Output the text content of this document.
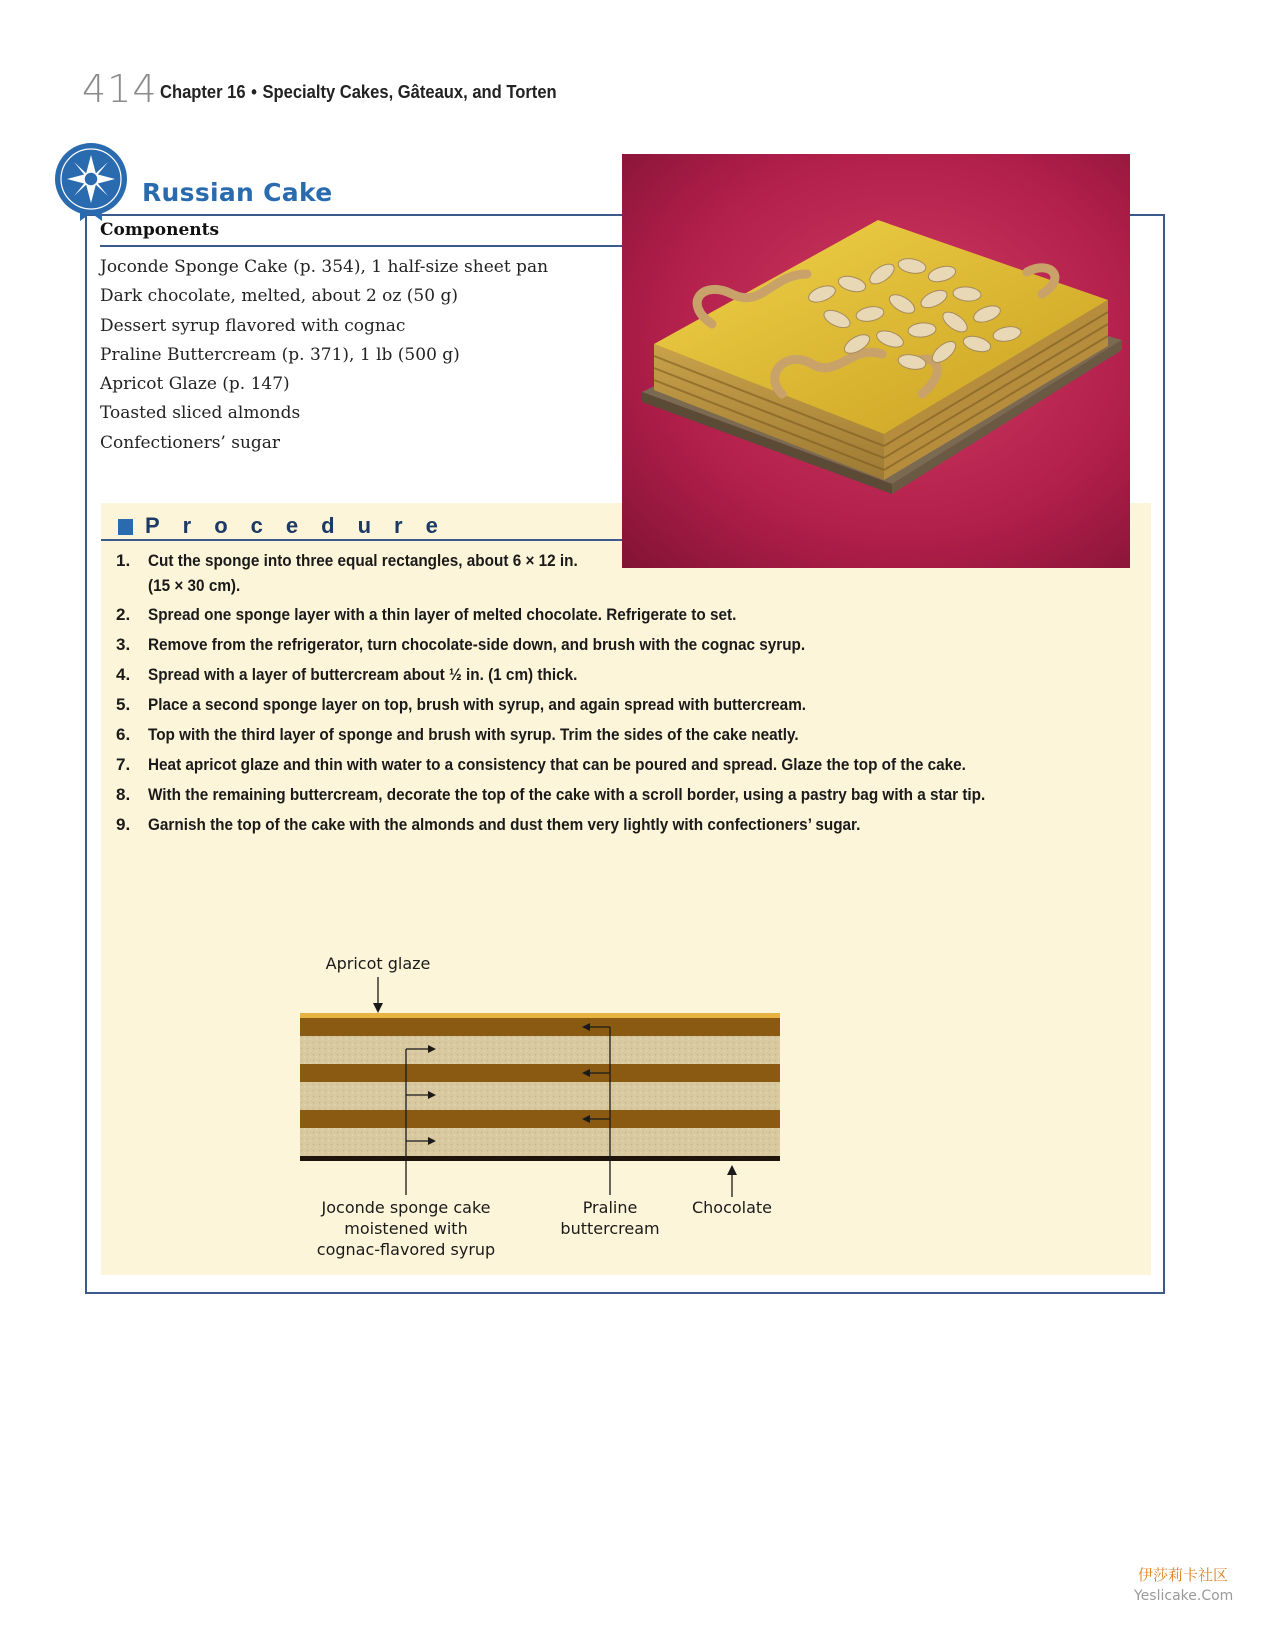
414 Chapter 16 • Specialty Cakes, Gâteaux, and Torten
Russian Cake
Components
Joconde Sponge Cake (p. 354), 1 half-size sheet pan
Dark chocolate, melted, about 2 oz (50 g)
Dessert syrup flavored with cognac
Praline Buttercream (p. 371), 1 lb (500 g)
Apricot Glaze (p. 147)
Toasted sliced almonds
Confectioners’ sugar
Procedure
1.	Cut the sponge into three equal rectangles, about 6 × 12 in.
(15 × 30 cm).
2.	Spread one sponge layer with a thin layer of melted chocolate. Refrigerate to set.
3.	Remove from the refrigerator, turn chocolate-side down, and brush with the cognac syrup.
4.	Spread with a layer of buttercream about ½ in. (1 cm) thick.
5.	Place a second sponge layer on top, brush with syrup, and again spread with buttercream.
6.	Top with the third layer of sponge and brush with syrup. Trim the sides of the cake neatly.
7.	Heat apricot glaze and thin with water to a consistency that can be poured and spread. Glaze the top of the cake.
8.	With the remaining buttercream, decorate the top of the cake with a scroll border, using a pastry bag with a star tip.
9.	Garnish the top of the cake with the almonds and dust them very lightly with confectioners’ sugar.
Apricot glaze
Joconde sponge cake
moistened with
cognac-flavored syrup
Praline
buttercream
Chocolate
伊莎莉卡社区
Yeslicake.Com
